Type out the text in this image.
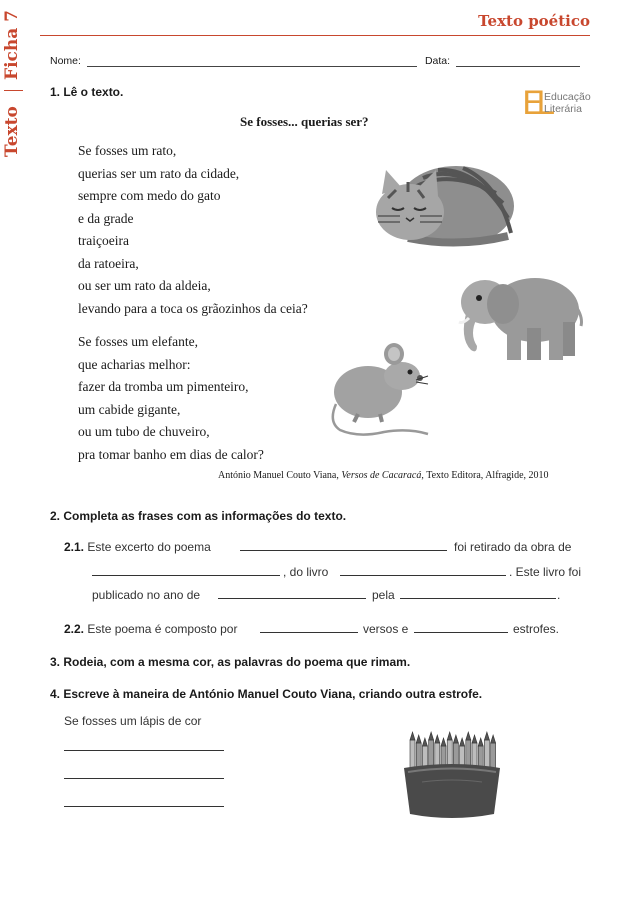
Ficha 7
Texto
Texto poético
Nome:	Data:
EL
Educação
Literária
1. Lê o texto.
Se fosses... querias ser?
Se fosses um rato,
querias ser um rato da cidade,
sempre com medo do gato
e da grade
traiçoeira
da ratoeira,
ou ser um rato da aldeia,
levando para a toca os grãozinhos da ceia?
Se fosses um elefante,
que acharias melhor:
fazer da tromba um pimenteiro,
um cabide gigante,
ou um tubo de chuveiro,
pra tomar banho em dias de calor?
António Manuel Couto Viana, Versos de Cacaracá, Texto Editora, Alfragide, 2010
2. Completa as frases com as informações do texto.
2.1. Este excerto do poema	foi retirado da obra de
, do livro	. Este livro foi
publicado no ano de	pela	.
2.2. Este poema é composto por	versos e	estrofes.
3. Rodeia, com a mesma cor, as palavras do poema que rimam.
4. Escreve à maneira de António Manuel Couto Viana, criando outra estrofe.
Se fosses um lápis de cor
